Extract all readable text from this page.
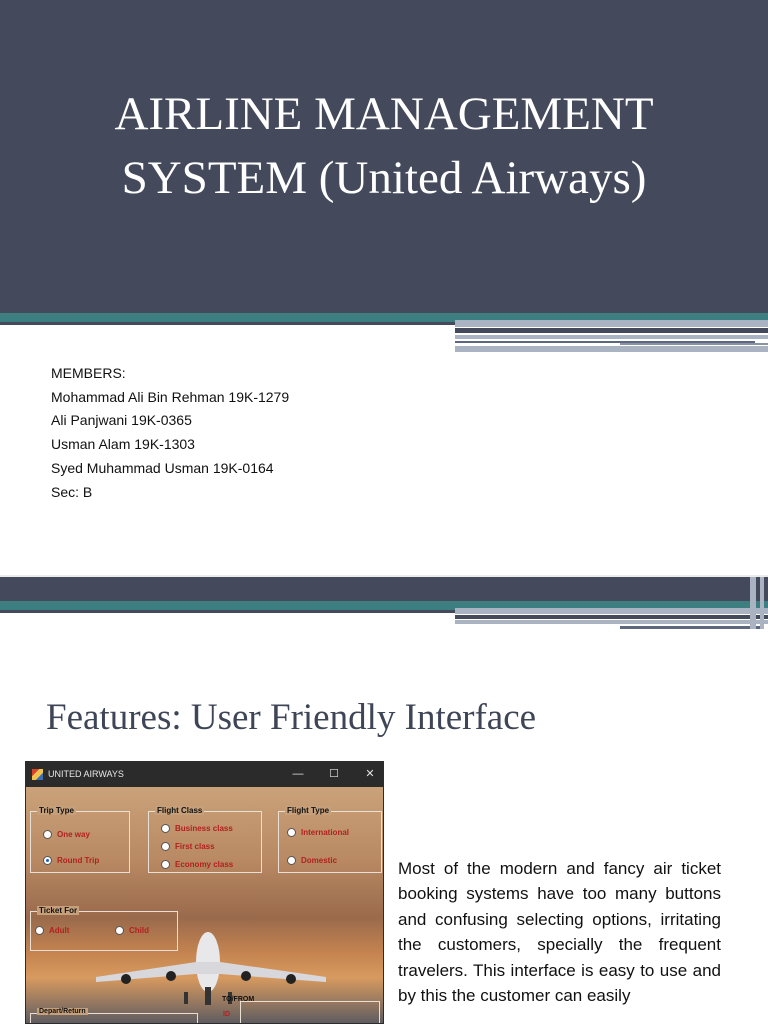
AIRLINE MANAGEMENT
SYSTEM (United Airways)
MEMBERS:
Mohammad Ali Bin Rehman 19K-1279
Ali Panjwani 19K-0365
Usman Alam 19K-1303
Syed Muhammad Usman 19K-0164
Sec: B
Features: User Friendly Interface
UNITED AIRWAYS	—	☐	✕
Trip Type
One way
Round Trip
Flight Class
Business class
First class
Economy class
Flight Type
International
Domestic
Ticket For
Adult	Child
TO/FROM
ID
Depart/Return
Most of the modern and fancy air ticket booking systems have too many buttons and confusing selecting options, irritating the customers, specially the frequent travelers. This interface is easy to use and by this the customer can easily
